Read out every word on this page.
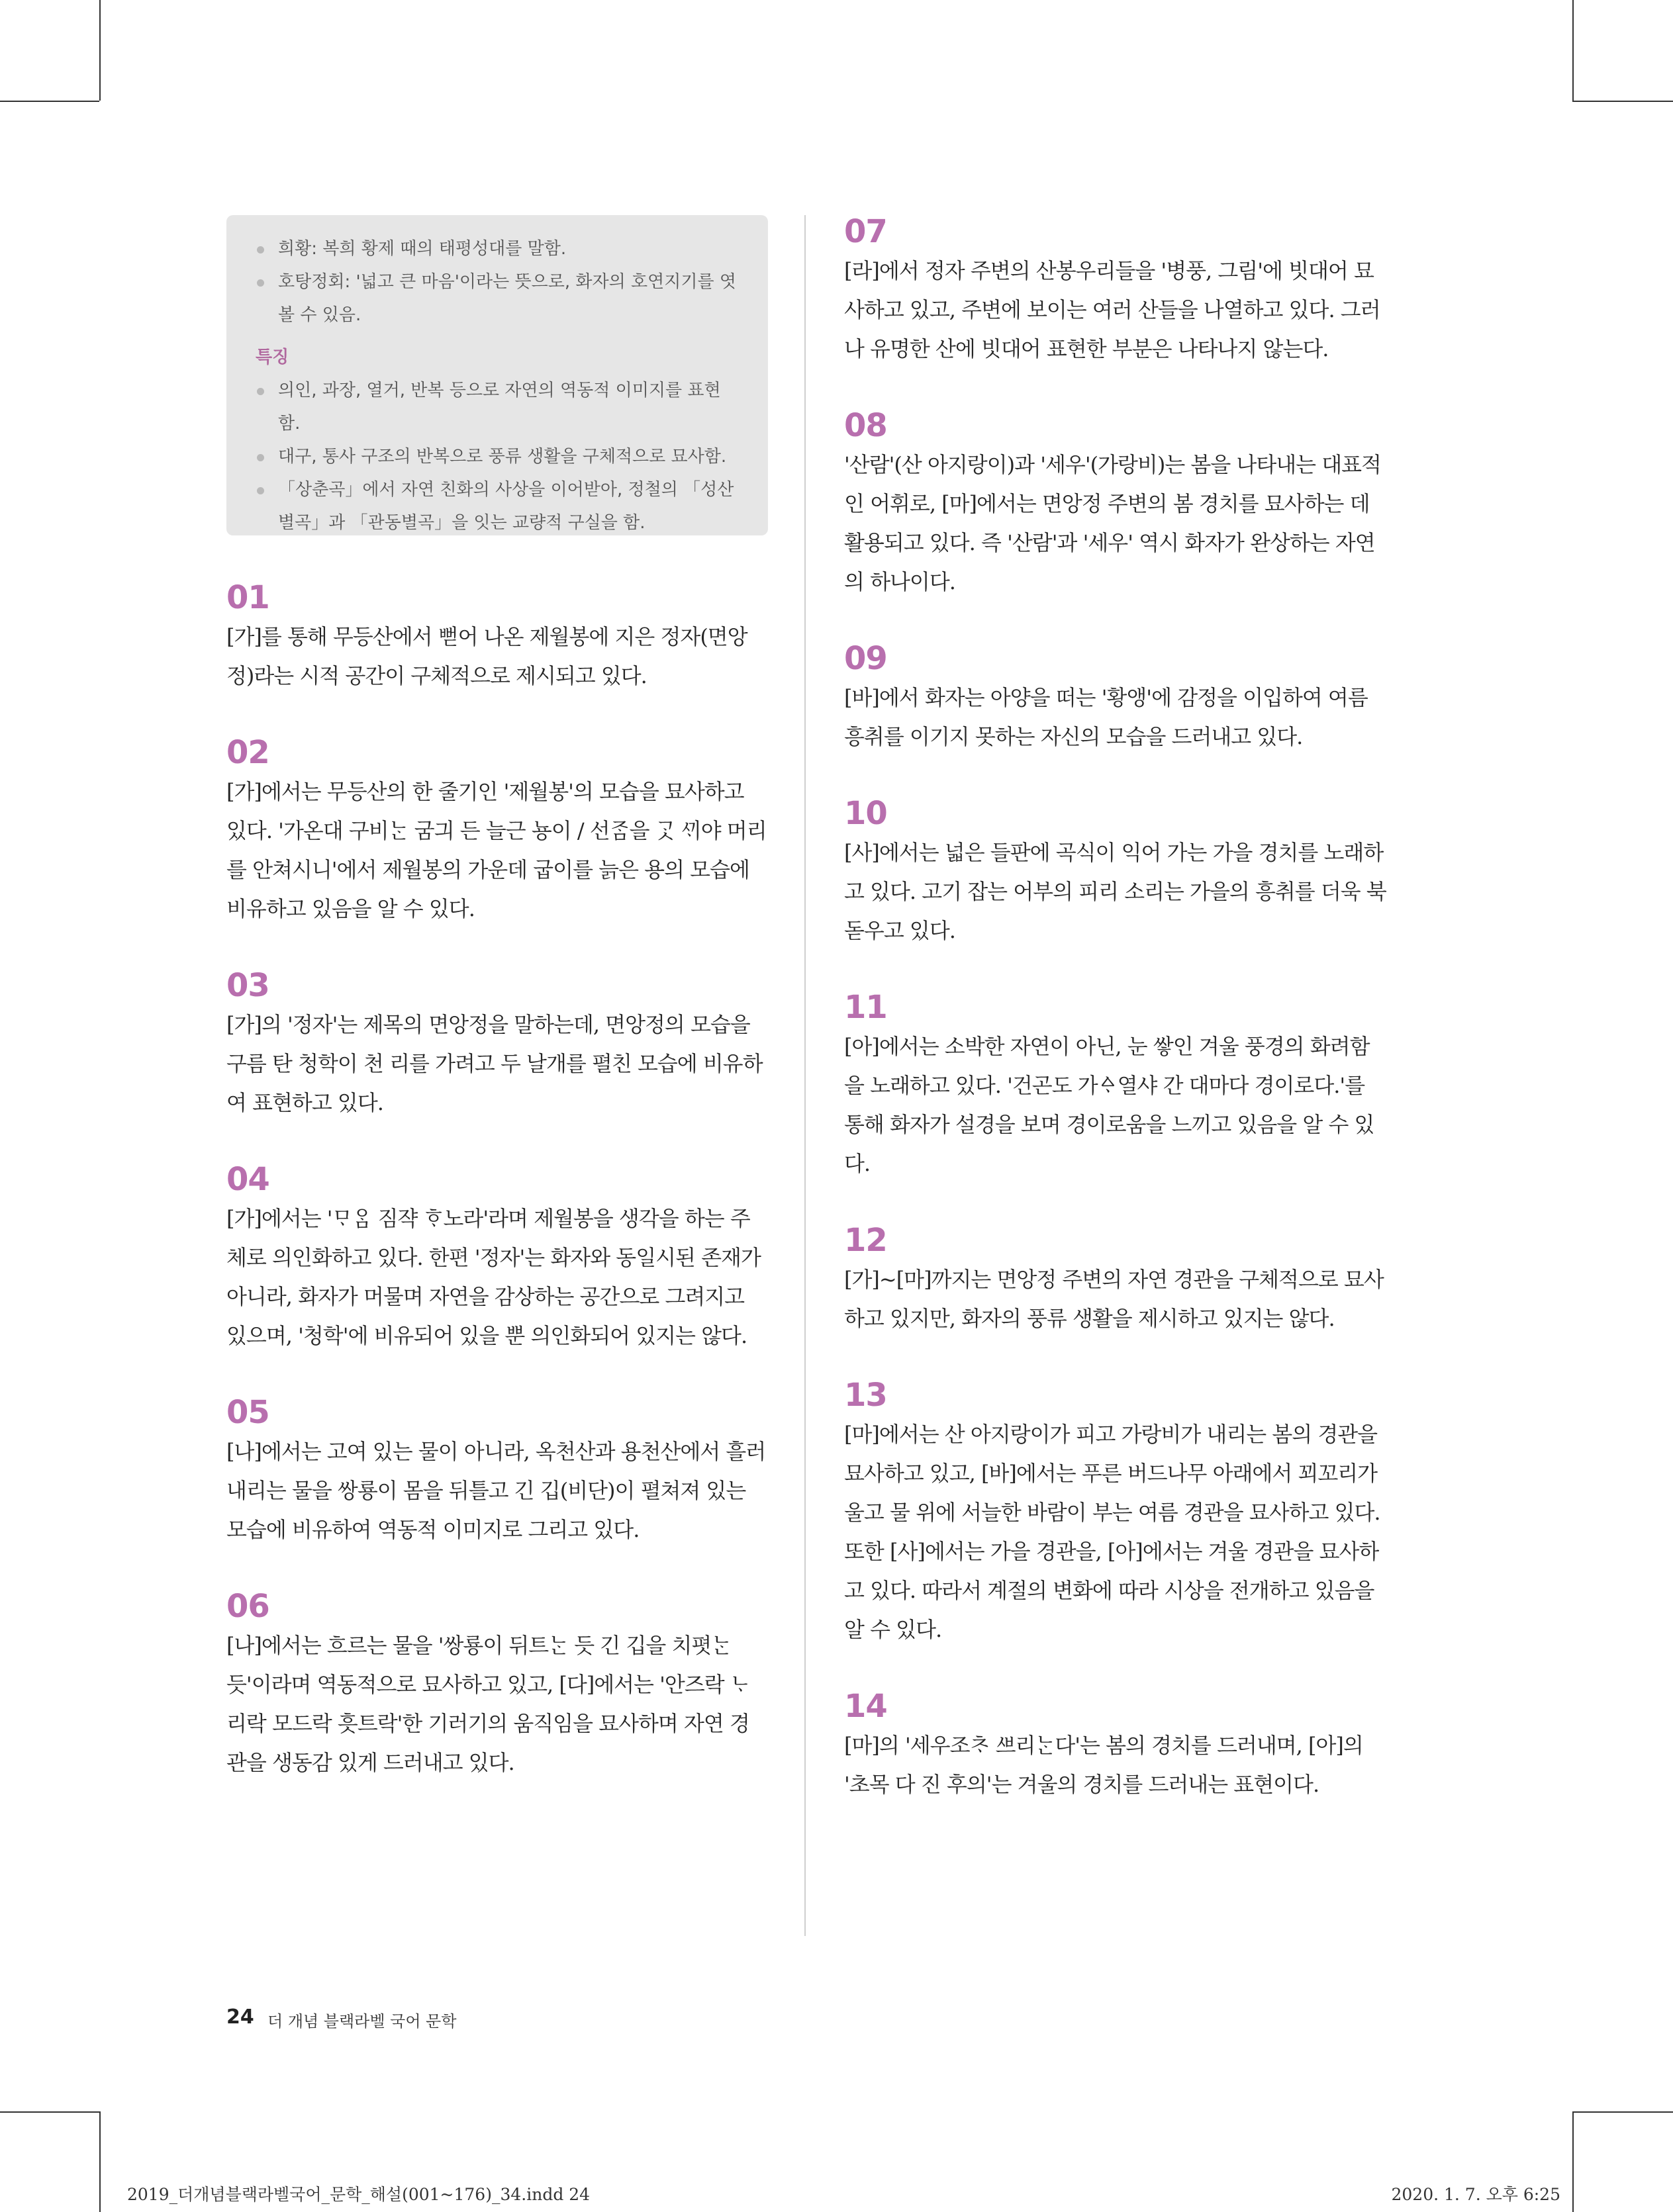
희황: 복희 황제 때의 태평성대를 말함.
호탕정회: '넓고 큰 마음'이라는 뜻으로, 화자의 호연지기를 엿볼 수 있음.
특징
의인, 과장, 열거, 반복 등으로 자연의 역동적 이미지를 표현함.
대구, 통사 구조의 반복으로 풍류 생활을 구체적으로 묘사함.
「상춘곡」에서 자연 친화의 사상을 이어받아, 정철의 「성산별곡」과 「관동별곡」을 잇는 교량적 구실을 함.
01

[가]를 통해 무등산에서 뻗어 나온 제월봉에 지은 정자(면앙정)라는 시적 공간이 구체적으로 제시되고 있다.

02

[가]에서는 무등산의 한 줄기인 '제월봉'의 모습을 묘사하고 있다. '가온대 구비ᄂᆞᆫ 굼긔 든 늘근 뇽이 / 선ᄌᆞᆷ을 ᄀᆞᆺ ᄭᆡ야 머리를 안쳐시니'에서 제월봉의 가운데 굽이를 늙은 용의 모습에 비유하고 있음을 알 수 있다.

03

[가]의 '정자'는 제목의 면앙정을 말하는데, 면앙정의 모습을 구름 탄 청학이 천 리를 가려고 두 날개를 펼친 모습에 비유하여 표현하고 있다.

04

[가]에서는 'ᄆᆞᄋᆞᆷ 짐쟉 ᄒᆞ노라'라며 제월봉을 생각을 하는 주체로 의인화하고 있다. 한편 '정자'는 화자와 동일시된 존재가 아니라, 화자가 머물며 자연을 감상하는 공간으로 그려지고 있으며, '청학'에 비유되어 있을 뿐 의인화되어 있지는 않다.

05

[나]에서는 고여 있는 물이 아니라, 옥천산과 용천산에서 흘러내리는 물을 쌍룡이 몸을 뒤틀고 긴 깁(비단)이 펼쳐져 있는 모습에 비유하여 역동적 이미지로 그리고 있다.

06

[나]에서는 흐르는 물을 '쌍룡이 뒤트ᄂᆞᆫ 듯 긴 깁을 치폇ᄂᆞᆫ 듯'이라며 역동적으로 묘사하고 있고, [다]에서는 '안즈락 ᄂᆞ리락 모드락 흣트락'한 기러기의 움직임을 묘사하며 자연 경관을 생동감 있게 드러내고 있다.

07

[라]에서 정자 주변의 산봉우리들을 '병풍, 그림'에 빗대어 묘사하고 있고, 주변에 보이는 여러 산들을 나열하고 있다. 그러나 유명한 산에 빗대어 표현한 부분은 나타나지 않는다.

08

'산람'(산 아지랑이)과 '세우'(가랑비)는 봄을 나타내는 대표적인 어휘로, [마]에서는 면앙정 주변의 봄 경치를 묘사하는 데 활용되고 있다. 즉 '산람'과 '세우' 역시 화자가 완상하는 자연의 하나이다.

09

[바]에서 화자는 아양을 떠는 '황앵'에 감정을 이입하여 여름 흥취를 이기지 못하는 자신의 모습을 드러내고 있다.

10

[사]에서는 넓은 들판에 곡식이 익어 가는 가을 경치를 노래하고 있다. 고기 잡는 어부의 피리 소리는 가을의 흥취를 더욱 북돋우고 있다.

11

[아]에서는 소박한 자연이 아닌, 눈 쌓인 겨울 풍경의 화려함을 노래하고 있다. '건곤도 가ᅀᆞ열샤 간 대마다 경이로다.'를 통해 화자가 설경을 보며 경이로움을 느끼고 있음을 알 수 있다.

12

[가]~[마]까지는 면앙정 주변의 자연 경관을 구체적으로 묘사하고 있지만, 화자의 풍류 생활을 제시하고 있지는 않다.

13

[마]에서는 산 아지랑이가 피고 가랑비가 내리는 봄의 경관을 묘사하고 있고, [바]에서는 푸른 버드나무 아래에서 꾀꼬리가 울고 물 위에 서늘한 바람이 부는 여름 경관을 묘사하고 있다. 또한 [사]에서는 가을 경관을, [아]에서는 겨울 경관을 묘사하고 있다. 따라서 계절의 변화에 따라 시상을 전개하고 있음을 알 수 있다.

14

[마]의 '세우조ᄎᆞ ᄲᅳ리ᄂᆞᆫ다'는 봄의 경치를 드러내며, [아]의 '초목 다 진 후의'는 겨울의 경치를 드러내는 표현이다.

24 더 개념 블랙라벨 국어 문학
2019_더개념블랙라벨국어_문학_해설(001~176)_34.indd 24	2020. 1. 7. 오후 6:25
